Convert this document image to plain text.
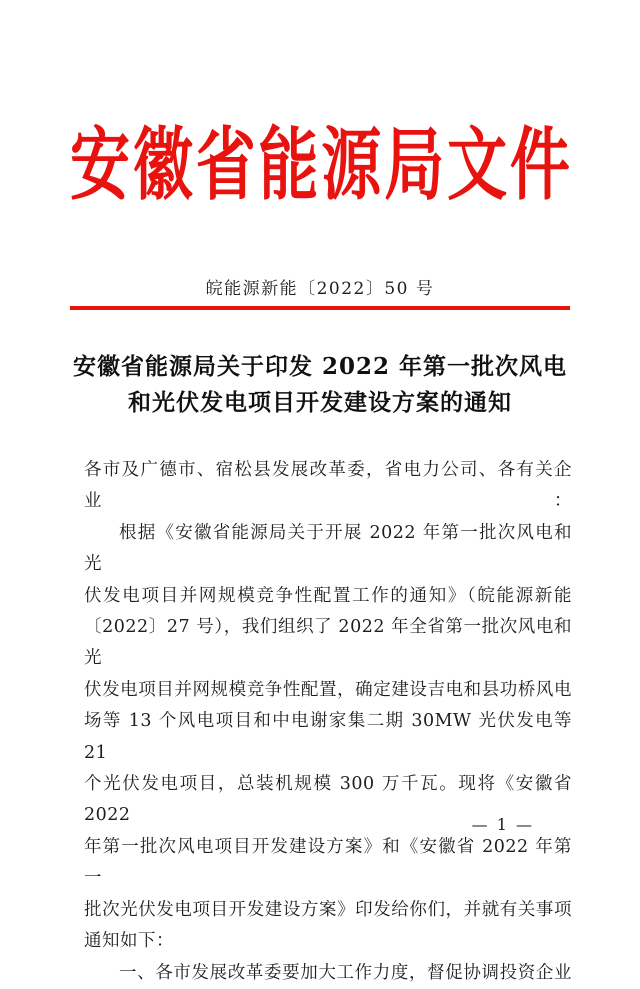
安 徽 省 能 源 局 文 件
皖能源新能〔2022〕50 号
安徽省能源局关于印发 2022 年第一批次风电
和光伏发电项目开发建设方案的通知
各市及广德市、宿松县发展改革委，省电力公司、各有关企业：
根据《安徽省能源局关于开展 2022 年第一批次风电和光
伏发电项目并网规模竞争性配置工作的通知》（皖能源新能
〔2022〕27 号），我们组织了 2022 年全省第一批次风电和光
伏发电项目并网规模竞争性配置，确定建设吉电和县功桥风电
场等 13 个风电项目和中电谢家集二期 30MW 光伏发电等 21
个光伏发电项目，总装机规模 300 万千瓦。现将《安徽省 2022
年第一批次风电项目开发建设方案》和《安徽省 2022 年第一
批次光伏发电项目开发建设方案》印发给你们，并就有关事项
通知如下：
一、各市发展改革委要加大工作力度，督促协调投资企业
— 1 —
